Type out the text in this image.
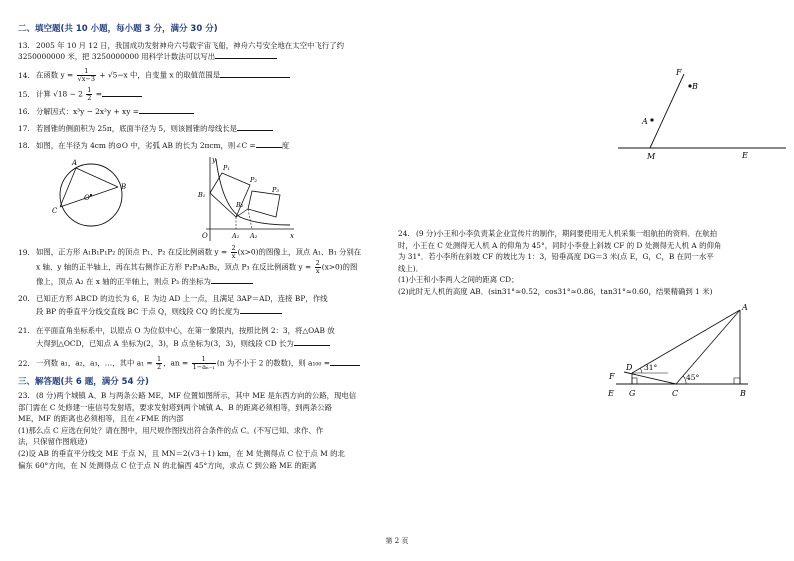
二、填空题(共 10 小题，每小题 3 分，满分 30 分)
13. 2005 年 10 月 12 日，我国成功发射神舟六号载宇宙飞船，神舟六号安全地在太空中飞行了约 3250000000 米，把 3250000000 用科学计数法可以写出
14. 在函数 $y = \frac{1}{√x-3} + √5-x$ 中，自变量 x 的取值范围是
15. 计算 $√18 - 2 \frac{1}{2}$ =
16. 分解因式：x³y − 2x²y + xy =
17. 若圆锥的侧面积为 25π，底面半径为 5，则该圆锥的母线长是
18. 如图，在半径为 4cm 的⊙O 中，劣弧 AB 的长为 2πcm，则∠C =	度
A
O
B
C
y
x
O
P₁
P₂
P₃
B₁
B₂
A₁ A₂
19. 如图，正方形 A₁B₁P₁P₂ 的顶点 P₁、P₂ 在反比例函数 $y = \frac{2}{x} (x>0)$的图像上，顶点 A₁、B₁ 分别在
x 轴、y 轴的正半轴上，再在其右侧作正方形 P₂P₃A₂B₂，顶点 P₃ 在反比例函数 $y = \frac{2}{x} (x>0)$的图
像上，顶点 A₂ 在 x 轴的正半轴上，则点 P₃ 的坐标为
20. 已知正方形 ABCD 的边长为 6，E 为边 AD 上一点，且满足 3AP＝AD，连接 BP，作线
段 BP 的垂直平分线交直线 BC 于点 Q，则线段 CQ 的长度为
21. 在平面直角坐标系中，以原点 O 为位似中心，在第一象限内，按照比例 2：3，将△OAB 放
大得到△OCD，已知点 A 坐标为(2，3)，B 点坐标为(3，3)，则线段 CD 长为
22. 一列数 a₁，a₂，a₃，…，其中 $a_1 = \frac{1}{2}$ ，an = $\frac{1}{\text{1−aₙ₋₁}} (n$ 为不小于 2 的数数)，则 a₁₀₀ =
三、解答题(共 6 题，满分 54 分)
23. (8 分)两个城镇 A、B 与两条公路 ME，MF 位置如图所示，其中 ME 是东西方向的公路，现电信
部门需在 C 处修建一座信号发射塔，要求发射塔到两个城镇 A、B 的距离必须相等，到两条公路
ME，MF 的距离也必须相等，且在∠FME 的内部
(1)那么点 C 应选在何处？请在图中，用尺规作图找出符合条件的点 C。(不写已知、求作、作
法，只保留作图痕迹)
(2)设 AB 的垂直平分线交 ME 于点 N，且 MN＝2(√3＋1) km，在 M 处测得点 C 位于点 M 的北
偏东 60°方向，在 N 处测得点 C 位于点 N 的北偏西 45°方向，求点 C 到公路 ME 的距离
F
B
A
M	E
24. (9 分)小王和小李负责某企业宣传片的制作，期间要使用无人机采集一组航拍的资料．在航拍
时，小王在 C 处测得无人机 A 的仰角为 45°，同时小李登上斜坡 CF 的 D 处测得无人机 A 的仰角
为 31°．若小李所在斜坡 CF 的坡比为 1：3，铅垂高度 DG＝3 米(点 E，G，C，B 在同一水平
线上)．
(1)小王和小李两人之间的距离 CD；
(2)此时无人机的高度 AB．(sin31°≈0.52，cos31°≈0.86，tan31°≈0.60，结果精确到 1 米)
A
D
F
E G	C	B
31°
45°
第 2 页
